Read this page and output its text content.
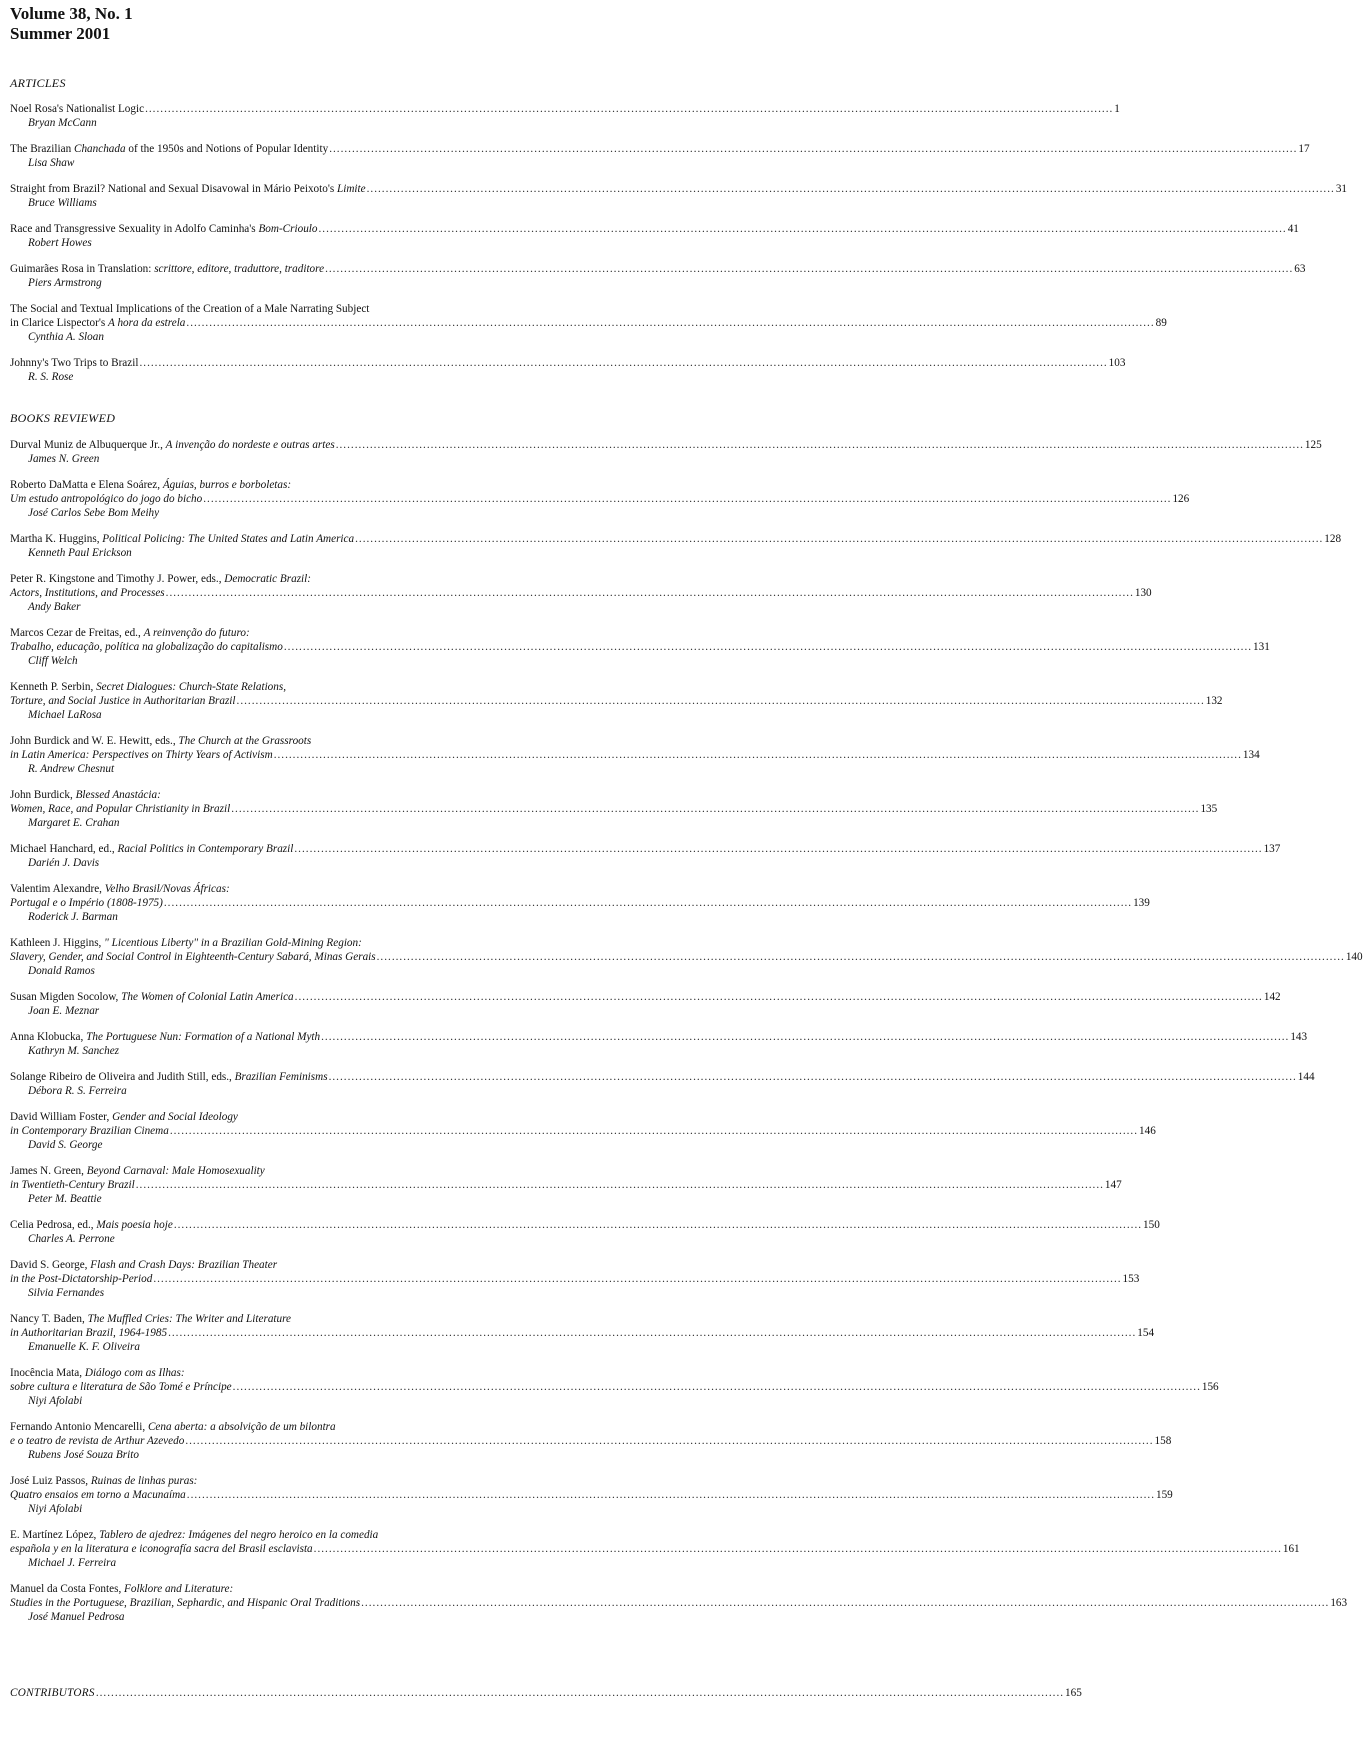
Volume 38, No. 1
Summer 2001
ARTICLES
Noel Rosa's Nationalist Logic .....	1
Bryan McCann
The Brazilian Chanchada of the 1950s and Notions of Popular Identity .....	17
Lisa Shaw
Straight from Brazil? National and Sexual Disavowal in Mário Peixoto's Limite .....	31
Bruce Williams
Race and Transgressive Sexuality in Adolfo Caminha's Bom-Crioulo .....	41
Robert Howes
Guimarães Rosa in Translation: scrittore, editore, traduttore, traditore .....	63
Piers Armstrong
The Social and Textual Implications of the Creation of a Male Narrating Subject
in Clarice Lispector's A hora da estrela .....	89
Cynthia A. Sloan
Johnny's Two Trips to Brazil .....	103
R. S. Rose
BOOKS REVIEWED
Durval Muniz de Albuquerque Jr., A invenção do nordeste e outras artes .....	125
James N. Green
Roberto DaMatta e Elena Soárez, Águias, burros e borboletas:
Um estudo antropológico do jogo do bicho .....	126
José Carlos Sebe Bom Meihy
Martha K. Huggins, Political Policing: The United States and Latin America .....	128
Kenneth Paul Erickson
Peter R. Kingstone and Timothy J. Power, eds., Democratic Brazil:
Actors, Institutions, and Processes .....	130
Andy Baker
Marcos Cezar de Freitas, ed., A reinvenção do futuro:
Trabalho, educação, política na globalização do capitalismo .....	131
Cliff Welch
Kenneth P. Serbin, Secret Dialogues: Church-State Relations,
Torture, and Social Justice in Authoritarian Brazil .....	132
Michael LaRosa
John Burdick and W. E. Hewitt, eds., The Church at the Grassroots
in Latin America: Perspectives on Thirty Years of Activism .....	134
R. Andrew Chesnut
John Burdick, Blessed Anastácia:
Women, Race, and Popular Christianity in Brazil .....	135
Margaret E. Crahan
Michael Hanchard, ed., Racial Politics in Contemporary Brazil .....	137
Darién J. Davis
Valentim Alexandre, Velho Brasil/Novas Áfricas:
Portugal e o Império (1808-1975) .....	139
Roderick J. Barman
Kathleen J. Higgins, " Licentious Liberty" in a Brazilian Gold-Mining Region:
Slavery, Gender, and Social Control in Eighteenth-Century Sabará, Minas Gerais .....	140
Donald Ramos
Susan Migden Socolow, The Women of Colonial Latin America .....	142
Joan E. Meznar
Anna Klobucka, The Portuguese Nun: Formation of a National Myth .....	143
Kathryn M. Sanchez
Solange Ribeiro de Oliveira and Judith Still, eds., Brazilian Feminisms .....	144
Débora R. S. Ferreira
David William Foster, Gender and Social Ideology
in Contemporary Brazilian Cinema .....	146
David S. George
James N. Green, Beyond Carnaval: Male Homosexuality
in Twentieth-Century Brazil .....	147
Peter M. Beattie
Celia Pedrosa, ed., Mais poesia hoje .....	150
Charles A. Perrone
David S. George, Flash and Crash Days: Brazilian Theater
in the Post-Dictatorship-Period .....	153
Silvia Fernandes
Nancy T. Baden, The Muffled Cries: The Writer and Literature
in Authoritarian Brazil, 1964-1985 .....	154
Emanuelle K. F. Oliveira
Inocência Mata, Diálogo com as Ilhas:
sobre cultura e literatura de São Tomé e Príncipe .....	156
Niyi Afolabi
Fernando Antonio Mencarelli, Cena aberta: a absolvição de um bilontra
e o teatro de revista de Arthur Azevedo .....	158
Rubens José Souza Brito
José Luiz Passos, Ruinas de linhas puras:
Quatro ensaios em torno a Macunaíma .....	159
Niyi Afolabi
E. Martínez López, Tablero de ajedrez: Imágenes del negro heroico en la comedia
española y en la literatura e iconografía sacra del Brasil esclavista .....	161
Michael J. Ferreira
Manuel da Costa Fontes, Folklore and Literature:
Studies in the Portuguese, Brazilian, Sephardic, and Hispanic Oral Traditions .....	163
José Manuel Pedrosa
CONTRIBUTORS .....	165
